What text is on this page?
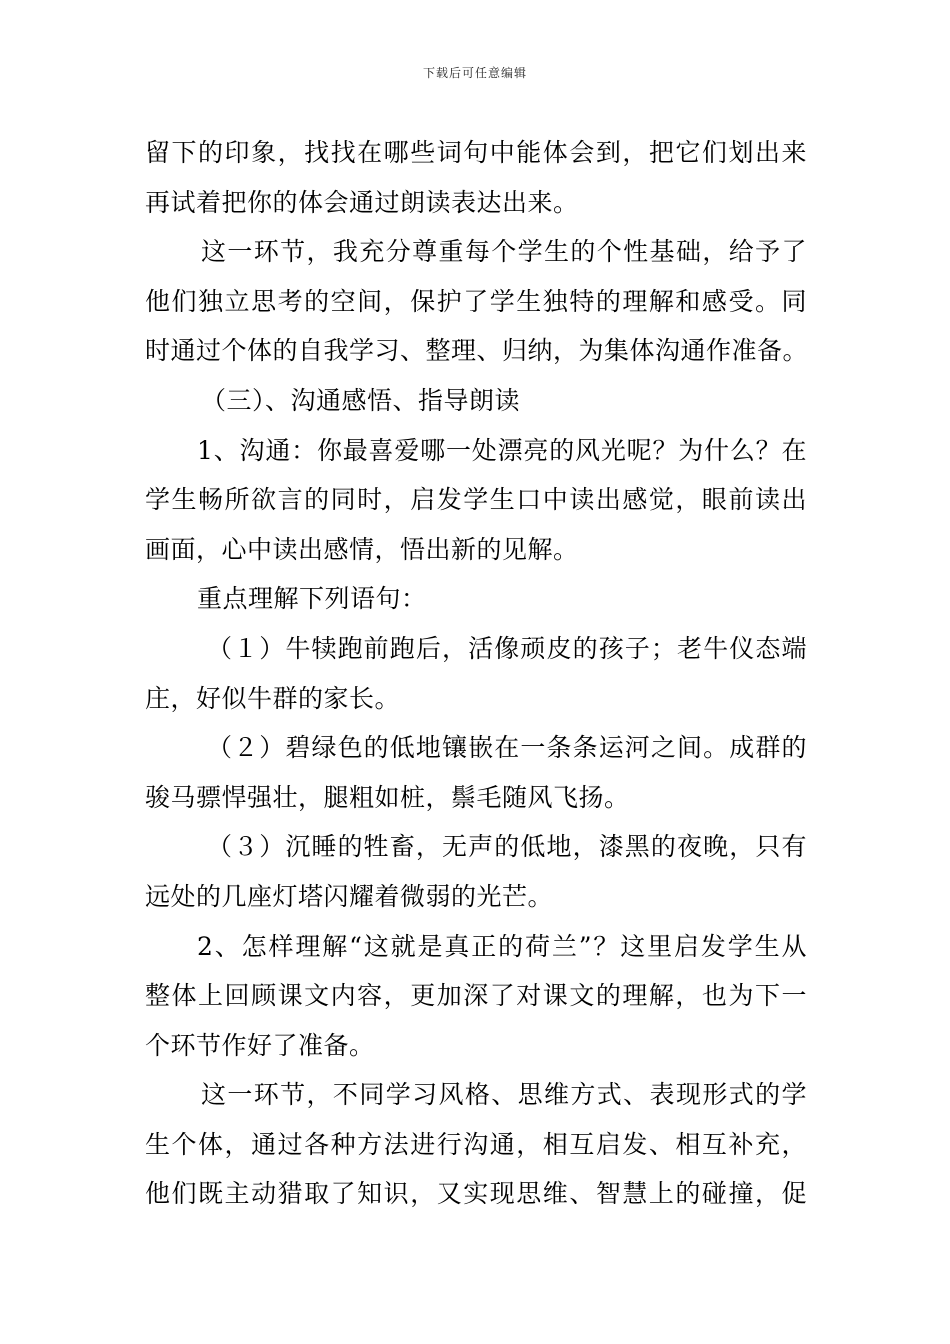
下载后可任意编辑
留下的印象，找找在哪些词句中能体会到，把它们划出来
再试着把你的体会通过朗读表达出来。
这一环节，我充分尊重每个学生的个性基础，给予了
他们独立思考的空间，保护了学生独特的理解和感受。同
时通过个体的自我学习、整理、归纳，为集体沟通作准备。
（三）、沟通感悟、指导朗读
1、沟通：你最喜爱哪一处漂亮的风光呢？为什么？在
学生畅所欲言的同时，启发学生口中读出感觉，眼前读出
画面，心中读出感情，悟出新的见解。
重点理解下列语句：
（１）牛犊跑前跑后，活像顽皮的孩子；老牛仪态端
庄，好似牛群的家长。
（２）碧绿色的低地镶嵌在一条条运河之间。成群的
骏马骠悍强壮，腿粗如桩，鬃毛随风飞扬。
（３）沉睡的牲畜，无声的低地，漆黑的夜晚，只有
远处的几座灯塔闪耀着微弱的光芒。
2、怎样理解“这就是真正的荷兰”？这里启发学生从
整体上回顾课文内容，更加深了对课文的理解，也为下一
个环节作好了准备。
这一环节，不同学习风格、思维方式、表现形式的学
生个体，通过各种方法进行沟通，相互启发、相互补充，
他们既主动猎取了知识，又实现思维、智慧上的碰撞，促
